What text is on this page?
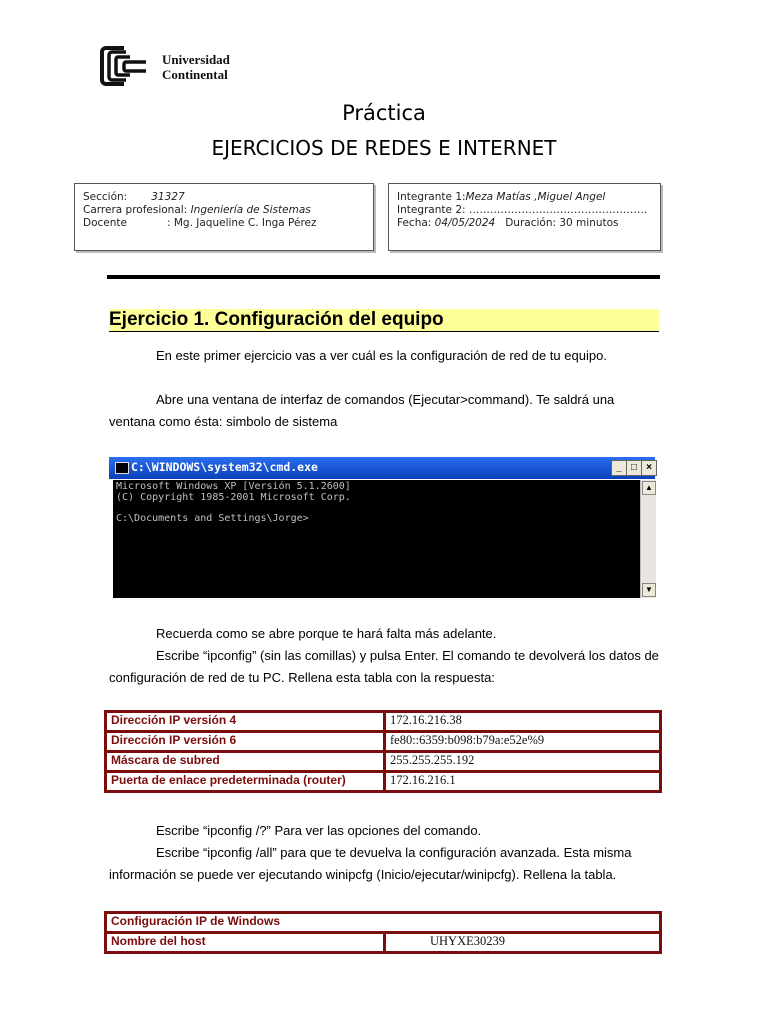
Universidad
Continental
Práctica
EJERCICIOS DE REDES E INTERNET
Sección: 31327
Carrera profesional: Ingeniería de Sistemas
Docente	: Mg. Jaqueline C. Inga Pérez
Integrante 1:Meza Matías ,Miguel Angel
Integrante 2: ……………………………………………
Fecha: 04/05/2024 Duración: 30 minutos
Ejercicio 1. Configuración del equipo
En este primer ejercicio vas a ver cuál es la configuración de red de tu equipo.
Abre una ventana de interfaz de comandos (Ejecutar>command). Te saldrá una ventana como ésta: simbolo de sistema
C:\WINDOWS\system32\cmd.exe	_ □ ×
Microsoft Windows XP [Versión 5.1.2600]
(C) Copyright 1985-2001 Microsoft Corp.
C:\Documents and Settings\Jorge>
▲
▼
Recuerda como se abre porque te hará falta más adelante.
Escribe “ipconfig” (sin las comillas) y pulsa Enter. El comando te devolverá los datos de configuración de red de tu PC. Rellena esta tabla con la respuesta:
Dirección IP versión 4	172.16.216.38
Dirección IP versión 6	fe80::6359:b098:b79a:e52e%9
Máscara de subred	255.255.255.192
Puerta de enlace predeterminada (router)	172.16.216.1
Escribe “ipconfig /?” Para ver las opciones del comando.
Escribe “ipconfig /all” para que te devuelva la configuración avanzada. Esta misma información se puede ver ejecutando winipcfg (Inicio/ejecutar/winipcfg). Rellena la tabla.
Configuración IP de Windows
Nombre del host	UHYXE30239
